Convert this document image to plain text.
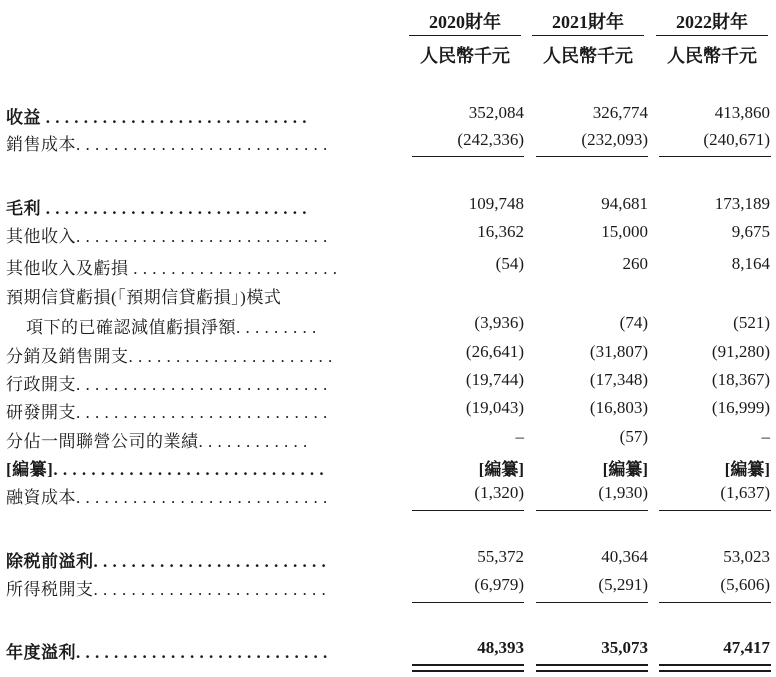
2020財年	2021財年	2022財年
人民幣千元	人民幣千元	人民幣千元
收益 . . . . . . . . . . . . . . . . . . . . . . . . . . . .	352,084	326,774	413,860
銷售成本. . . . . . . . . . . . . . . . . . . . . . . . . . .	(242,336)	(232,093)	(240,671)
毛利 . . . . . . . . . . . . . . . . . . . . . . . . . . . .	109,748	94,681	173,189
其他收入. . . . . . . . . . . . . . . . . . . . . . . . . . .	16,362	15,000	9,675
其他收入及虧損 . . . . . . . . . . . . . . . . . . . . . .	(54)	260	8,164
預期信貸虧損(「預期信貸虧損」)模式
項下的已確認減值虧損淨額. . . . . . . . .	(3,936)	(74)	(521)
分銷及銷售開支. . . . . . . . . . . . . . . . . . . . . .	(26,641)	(31,807)	(91,280)
行政開支. . . . . . . . . . . . . . . . . . . . . . . . . . .	(19,744)	(17,348)	(18,367)
研發開支. . . . . . . . . . . . . . . . . . . . . . . . . . .	(19,043)	(16,803)	(16,999)
分佔一間聯營公司的業績. . . . . . . . . . . .	–	(57)	–
[編纂]. . . . . . . . . . . . . . . . . . . . . . . . . . . . .	[編纂]	[編纂]	[編纂]
融資成本. . . . . . . . . . . . . . . . . . . . . . . . . . .	(1,320)	(1,930)	(1,637)
除税前溢利. . . . . . . . . . . . . . . . . . . . . . . . .	55,372	40,364	53,023
所得税開支. . . . . . . . . . . . . . . . . . . . . . . . .	(6,979)	(5,291)	(5,606)
年度溢利. . . . . . . . . . . . . . . . . . . . . . . . . . .	48,393	35,073	47,417
